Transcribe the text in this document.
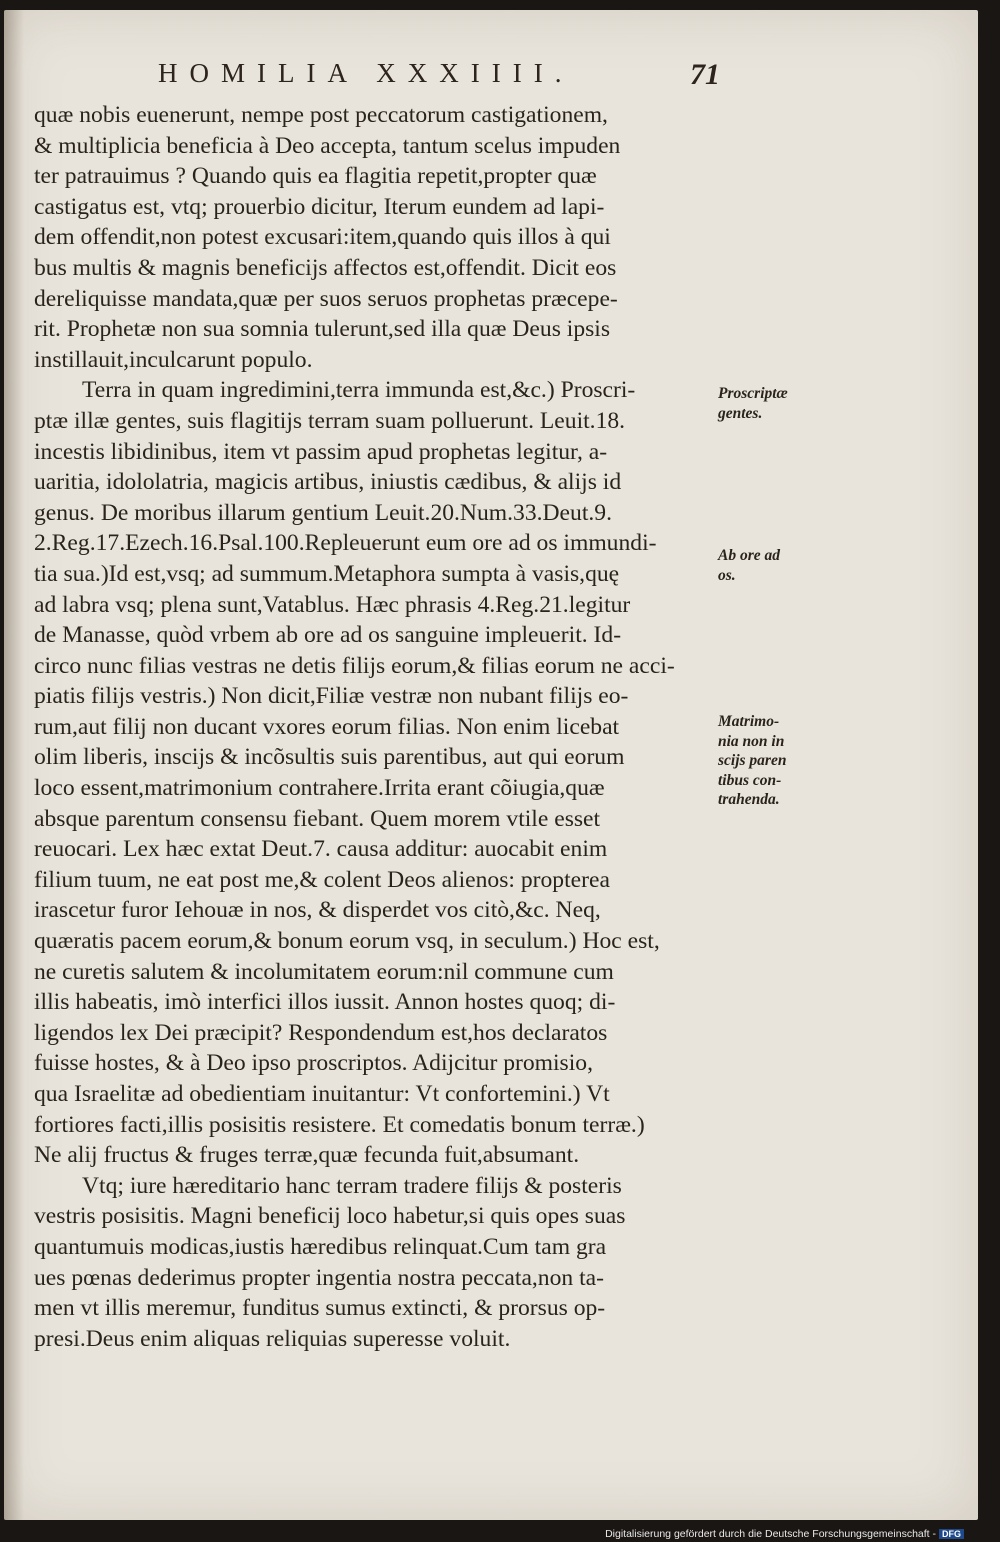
HOMILIA XXXIIII.	71
quæ nobis euenerunt, nempe post peccatorum castigationem,
& multiplicia beneficia à Deo accepta, tantum scelus impuden
ter patrauimus ? Quando quis ea flagitia repetit,propter quæ
castigatus est, vtq; prouerbio dicitur, Iterum eundem ad lapi-
dem offendit,non potest excusari:item,quando quis illos à qui
bus multis & magnis beneficijs affectos est,offendit. Dicit eos
dereliquisse mandata,quæ per suos seruos prophetas præcepe-
rit. Prophetæ non sua somnia tulerunt,sed illa quæ Deus ipsis
instillauit,inculcarunt populo.
Terra in quam ingredimini,terra immunda est,&c.) Proscri-
ptæ illæ gentes, suis flagitijs terram suam polluerunt. Leuit.18.
incestis libidinibus, item vt passim apud prophetas legitur, a-
uaritia, idololatria, magicis artibus, iniustis cædibus, & alijs id
genus. De moribus illarum gentium Leuit.20.Num.33.Deut.9.
2.Reg.17.Ezech.16.Psal.100.Repleuerunt eum ore ad os immundi-
tia sua.)Id est,vsq; ad summum.Metaphora sumpta à vasis,quę
ad labra vsq; plena sunt,Vatablus. Hæc phrasis 4.Reg.21.legitur
de Manasse, quòd vrbem ab ore ad os sanguine impleuerit. Id-
circo nunc filias vestras ne detis filijs eorum,& filias eorum ne acci-
piatis filijs vestris.) Non dicit,Filiæ vestræ non nubant filijs eo-
rum,aut filij non ducant vxores eorum filias. Non enim licebat
olim liberis, inscijs & incõsultis suis parentibus, aut qui eorum
loco essent,matrimonium contrahere.Irrita erant cõiugia,quæ
absque parentum consensu fiebant. Quem morem vtile esset
reuocari. Lex hæc extat Deut.7. causa additur: auocabit enim
filium tuum, ne eat post me,& colent Deos alienos: propterea
irascetur furor Iehouæ in nos, & disperdet vos citò,&c. Neq,
quæratis pacem eorum,& bonum eorum vsq, in seculum.) Hoc est,
ne curetis salutem & incolumitatem eorum:nil commune cum
illis habeatis, imò interfici illos iussit. Annon hostes quoq; di-
ligendos lex Dei præcipit? Respondendum est,hos declaratos
fuisse hostes, & à Deo ipso proscriptos. Adijcitur promisio,
qua Israelitæ ad obedientiam inuitantur: Vt confortemini.) Vt
fortiores facti,illis posisitis resistere. Et comedatis bonum terræ.)
Ne alij fructus & fruges terræ,quæ fecunda fuit,absumant.
Vtq; iure hæreditario hanc terram tradere filijs & posteris
vestris posisitis. Magni beneficij loco habetur,si quis opes suas
quantumuis modicas,iustis hæredibus relinquat.Cum tam gra
ues pœnas dederimus propter ingentia nostra peccata,non ta-
men vt illis meremur, funditus sumus extincti, & prorsus op-
presi.Deus enim aliquas reliquias superesse voluit.
Proscriptæ
gentes.
Ab ore ad
os.
Matrimo-
nia non in
scijs paren
tibus con-
trahenda.
Digitalisierung gefördert durch die Deutsche Forschungsgemeinschaft - DFG
